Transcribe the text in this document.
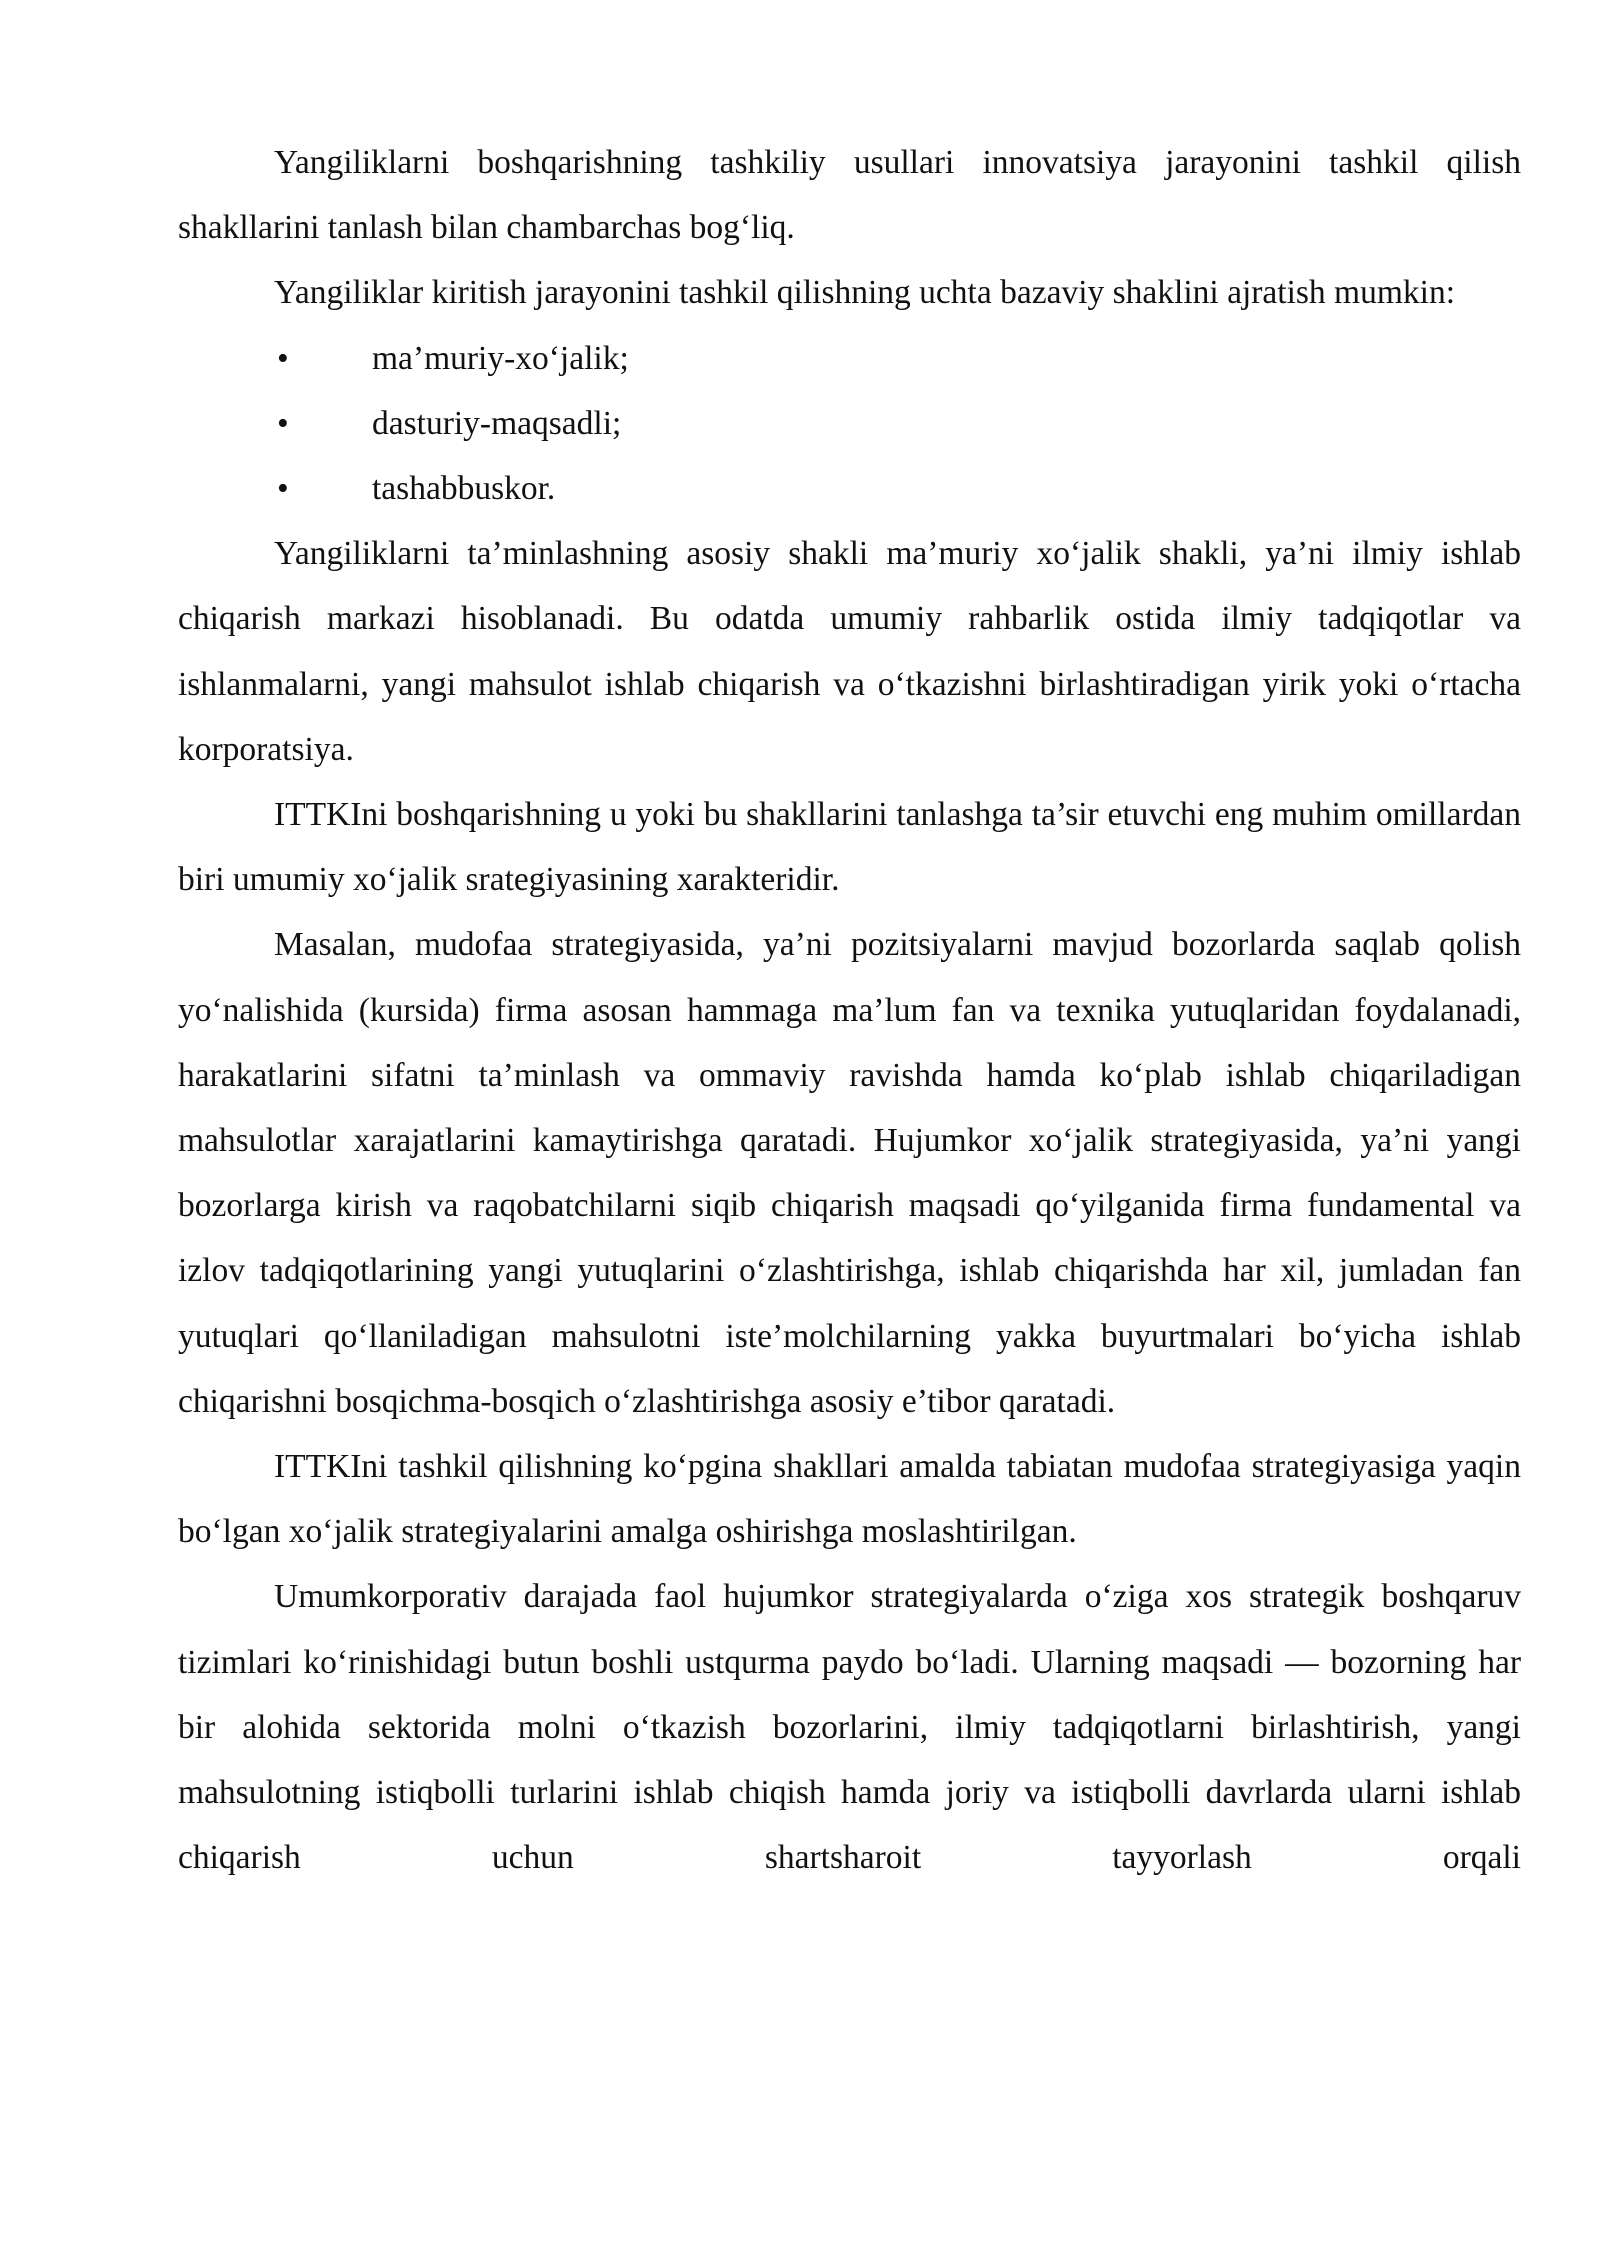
Yangiliklarni boshqarishning tashkiliy usullari innovatsiya jarayonini tashkil qilish shakllarini tanlash bilan chambarchas bog‘liq.

Yangiliklar kiritish jarayonini tashkil qilishning uchta bazaviy shaklini ajratish mumkin:

• ma’muriy-xo‘jalik;
• dasturiy-maqsadli;
• tashabbuskor.

Yangiliklarni ta’minlashning asosiy shakli ma’muriy xo‘jalik shakli, ya’ni ilmiy ishlab chiqarish markazi hisoblanadi. Bu odatda umumiy rahbarlik ostida ilmiy tadqiqotlar va ishlanmalarni, yangi mahsulot ishlab chiqarish va o‘tkazishni birlashtiradigan yirik yoki o‘rtacha korporatsiya.

ITTKIni boshqarishning u yoki bu shakllarini tanlashga ta’sir etuvchi eng muhim omillardan biri umumiy xo‘jalik srategiyasining xarakteridir.

Masalan, mudofaa strategiyasida, ya’ni pozitsiyalarni mavjud bozorlarda saqlab qolish yo‘nalishida (kursida) firma asosan hammaga ma’lum fan va texnika yutuqlaridan foydalanadi, harakatlarini sifatni ta’minlash va ommaviy ravishda hamda ko‘plab ishlab chiqariladigan mahsulotlar xarajatlarini kamaytirishga qaratadi. Hujumkor xo‘jalik strategiyasida, ya’ni yangi bozorlarga kirish va raqobatchilarni siqib chiqarish maqsadi qo‘yilganida firma fundamental va izlov tadqiqotlarining yangi yutuqlarini o‘zlashtirishga, ishlab chiqarishda har xil, jumladan fan yutuqlari qo‘llaniladigan mahsulotni iste’molchilarning yakka buyurtmalari bo‘yicha ishlab chiqarishni bosqichma-bosqich o‘zlashtirishga asosiy e’tibor qaratadi.

ITTKIni tashkil qilishning ko‘pgina shakllari amalda tabiatan mudofaa strategiyasiga yaqin bo‘lgan xo‘jalik strategiyalarini amalga oshirishga moslashtirilgan.

Umumkorporativ darajada faol hujumkor strategiyalarda o‘ziga xos strategik boshqaruv tizimlari ko‘rinishidagi butun boshli ustqurma paydo bo‘ladi. Ularning maqsadi — bozorning har bir alohida sektorida molni o‘tkazish bozorlarini, ilmiy tadqiqotlarni birlashtirish, yangi mahsulotning istiqbolli turlarini ishlab chiqish hamda joriy va istiqbolli davrlarda ularni ishlab chiqarish uchun shartsharoit tayyorlash orqali
